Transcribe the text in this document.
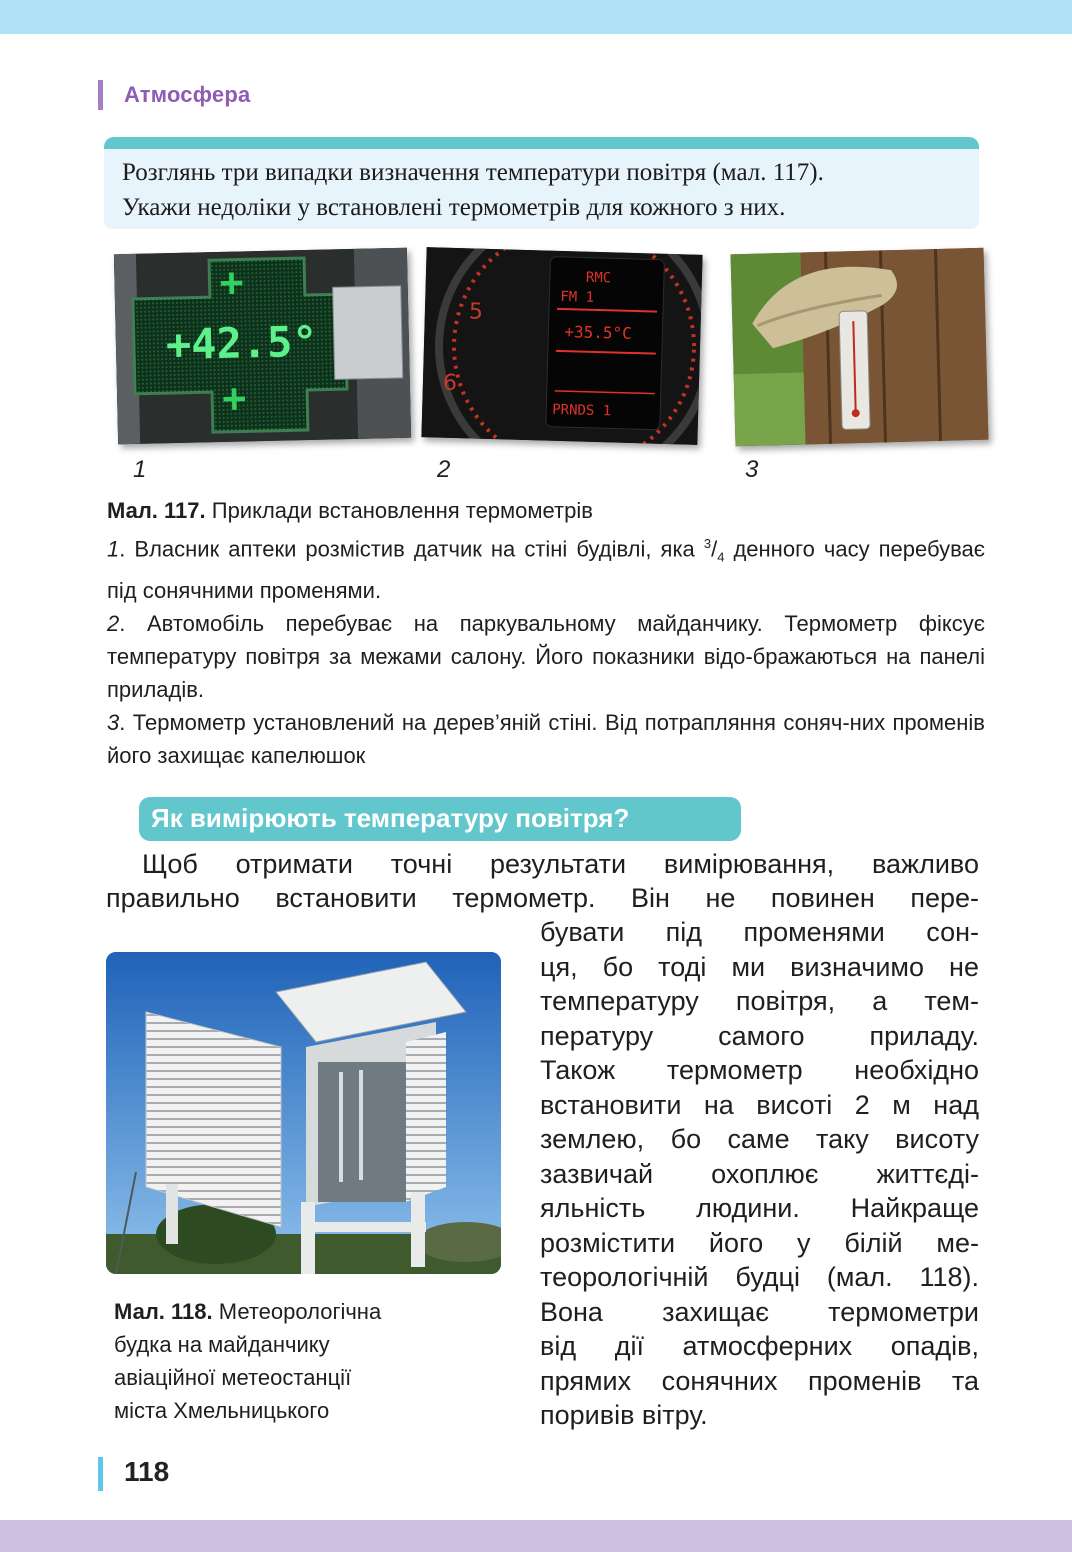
Атмосфера
Розглянь три випадки визначення температури повітря (мал. 117).
Укажи недоліки у встановлені термометрів для кожного з них.
+
+
+42.5°
5
6
RMC
FM 1
+35.5°C
PRNDS 1
1	2	3

Мал. 117. Приклади встановлення термометрів

1. Власник аптеки розмістив датчик на стіні будівлі, яка $^3/_4$ денного часу перебуває під сонячними променями.

2. Автомобіль перебуває на паркувальному майданчику. Термометр фіксує температуру повітря за межами салону. Його показники відо-бражаються на панелі приладів.

3. Термометр установлений на дерев’яній стіні. Від потрапляння соняч-них променів його захищає капелюшок

Як вимірюють температуру повітря?
Щоб отримати точні результати вимірювання, важливо
правильно встановити термометр. Він не повинен пере-
бувати під променями сон-
ця, бо тоді ми визначимо не
температуру повітря, а тем-
пературу самого приладу.
Також термометр необхідно
встановити на висоті 2 м над
землею, бо саме таку висоту
зазвичай охоплює життєді-
яльність людини. Найкраще
розмістити його у білій ме-
теорологічній будці (мал. 118).
Вона захищає термометри
від дії атмосферних опадів,
прямих сонячних променів та
поривів вітру.
Мал. 118. Метеорологічна
будка на майданчику
авіаційної метеостанції
міста Хмельницького
118
